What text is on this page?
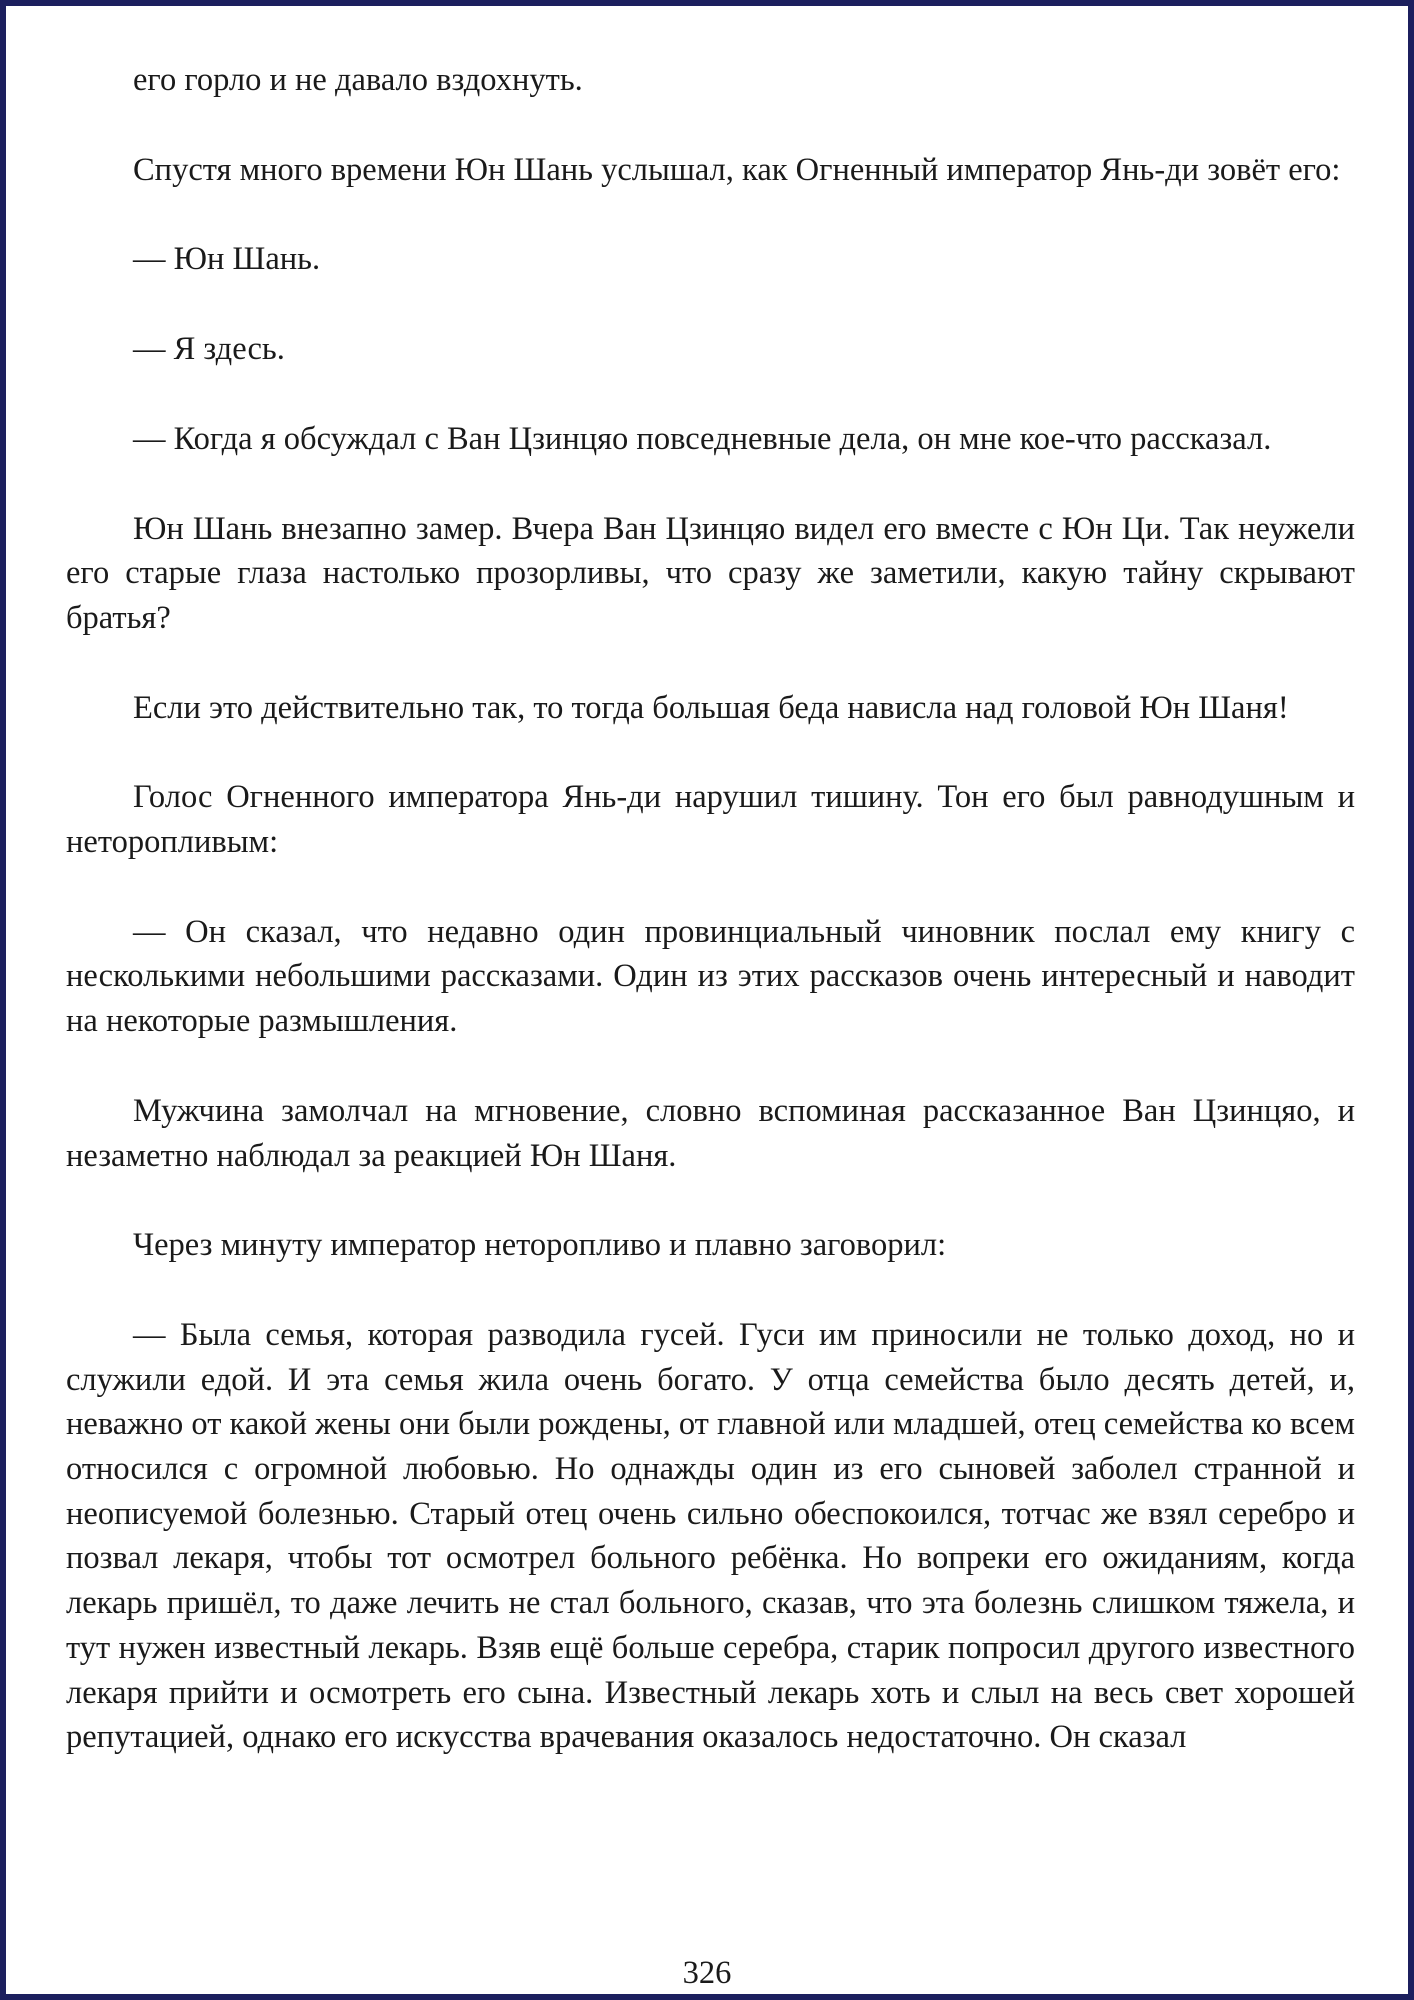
его горло и не давало вздохнуть.

Спустя много времени Юн Шань услышал, как Огненный император Янь-ди зовёт его:

— Юн Шань.

— Я здесь.

— Когда я обсуждал с Ван Цзинцяо повседневные дела, он мне кое-что рассказал.

Юн Шань внезапно замер. Вчера Ван Цзинцяо видел его вместе с Юн Ци. Так неужели его старые глаза настолько прозорливы, что сразу же заметили, какую тайну скрывают братья?

Если это действительно так, то тогда большая беда нависла над головой Юн Шаня!

Голос Огненного императора Янь-ди нарушил тишину. Тон его был равнодушным и неторопливым:

— Он сказал, что недавно один провинциальный чиновник послал ему книгу с несколькими небольшими рассказами. Один из этих рассказов очень интересный и наводит на некоторые размышления.

Мужчина замолчал на мгновение, словно вспоминая рассказанное Ван Цзинцяо, и незаметно наблюдал за реакцией Юн Шаня.

Через минуту император неторопливо и плавно заговорил:

— Была семья, которая разводила гусей. Гуси им приносили не только доход, но и служили едой. И эта семья жила очень богато. У отца семейства было десять детей, и, неважно от какой жены они были рождены, от главной или младшей, отец семейства ко всем относился с огромной любовью. Но однажды один из его сыновей заболел странной и неописуемой болезнью. Старый отец очень сильно обеспокоился, тотчас же взял серебро и позвал лекаря, чтобы тот осмотрел больного ребёнка. Но вопреки его ожиданиям, когда лекарь пришёл, то даже лечить не стал больного, сказав, что эта болезнь слишком тяжела, и тут нужен известный лекарь. Взяв ещё больше серебра, старик попросил другого известного лекаря прийти и осмотреть его сына. Известный лекарь хоть и слыл на весь свет хорошей репутацией, однако его искусства врачевания оказалось недостаточно. Он сказал

326
